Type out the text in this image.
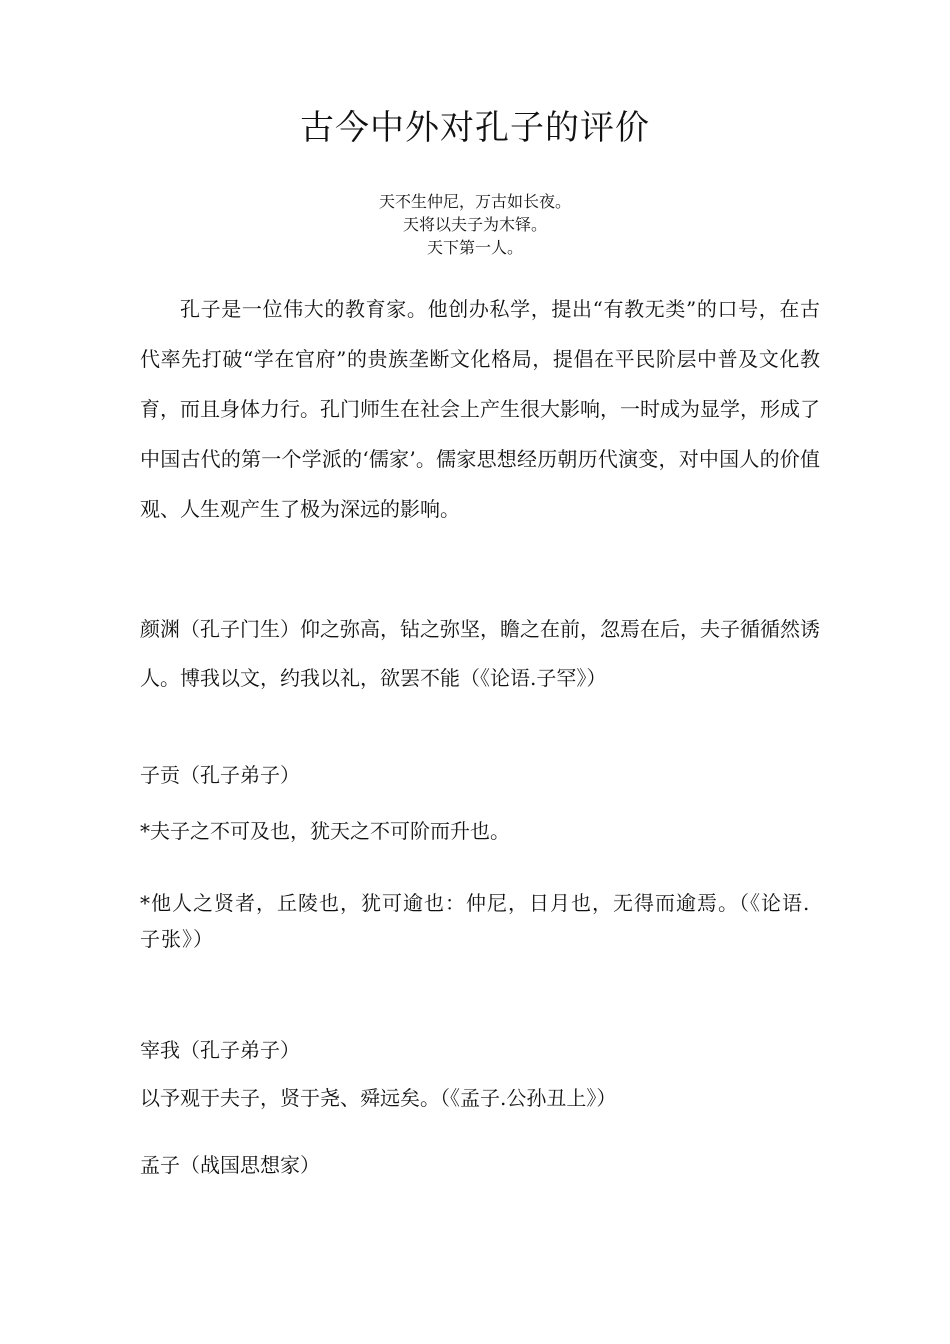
古今中外对孔子的评价
天不生仲尼，万古如长夜。
天将以夫子为木铎。
天下第一人。

孔子是一位伟大的教育家。他创办私学，提出“有教无类”的口号，在古代率先打破“学在官府”的贵族垄断文化格局，提倡在平民阶层中普及文化教育，而且身体力行。孔门师生在社会上产生很大影响，一时成为显学，形成了中国古代的第一个学派的‘儒家’。儒家思想经历朝历代演变，对中国人的价值观、人生观产生了极为深远的影响。

颜渊（孔子门生）仰之弥高，钻之弥坚，瞻之在前，忽焉在后，夫子循循然诱人。博我以文，约我以礼，欲罢不能（《论语.子罕》）

子贡（孔子弟子）

*夫子之不可及也，犹天之不可阶而升也。

*他人之贤者，丘陵也，犹可逾也：仲尼，日月也，无得而逾焉。（《论语.子张》）

宰我（孔子弟子）

以予观于夫子，贤于尧、舜远矣。（《孟子.公孙丑上》）

孟子（战国思想家）
